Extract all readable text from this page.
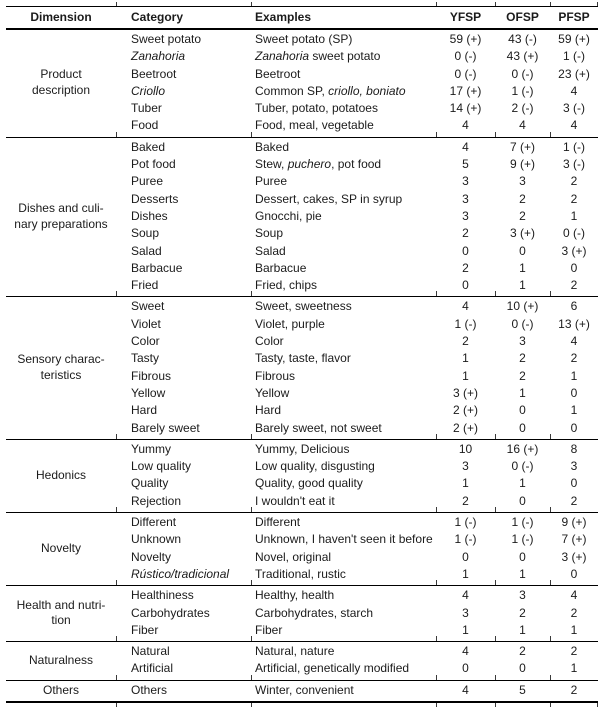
Dimension	Category	Examples	YFSP	OFSP	PFSP
Product
description
Sweet potato	Sweet potato (SP)	59 (+)	43 (-)	59 (+)
Zanahoria	Zanahoria sweet potato	0 (-)	43 (+)	1 (-)
Beetroot	Beetroot	0 (-)	0 (-)	23 (+)
Criollo	Common SP, criollo, boniato	17 (+)	1 (-)	4
Tuber	Tuber, potato, potatoes	14 (+)	2 (-)	3 (-)
Food	Food, meal, vegetable	4	4	4
Dishes and culi-
nary preparations
Baked	Baked	4	7 (+)	1 (-)
Pot food	Stew, puchero, pot food	5	9 (+)	3 (-)
Puree	Puree	3	3	2
Desserts	Dessert, cakes, SP in syrup	3	2	2
Dishes	Gnocchi, pie	3	2	1
Soup	Soup	2	3 (+)	0 (-)
Salad	Salad	0	0	3 (+)
Barbacue	Barbacue	2	1	0
Fried	Fried, chips	0	1	2
Sensory charac-
teristics
Sweet	Sweet, sweetness	4	10 (+)	6
Violet	Violet, purple	1 (-)	0 (-)	13 (+)
Color	Color	2	3	4
Tasty	Tasty, taste, flavor	1	2	2
Fibrous	Fibrous	1	2	1
Yellow	Yellow	3 (+)	1	0
Hard	Hard	2 (+)	0	1
Barely sweet	Barely sweet, not sweet	2 (+)	0	0
Hedonics
Yummy	Yummy, Delicious	10	16 (+)	8
Low quality	Low quality, disgusting	3	0 (-)	3
Quality	Quality, good quality	1	1	0
Rejection	I wouldn't eat it	2	0	2
Novelty
Different	Different	1 (-)	1 (-)	9 (+)
Unknown	Unknown, I haven't seen it before	1 (-)	1 (-)	7 (+)
Novelty	Novel, original	0	0	3 (+)
Rústico/tradicional	Traditional, rustic	1	1	0
Health and nutri-
tion
Healthiness	Healthy, health	4	3	4
Carbohydrates	Carbohydrates, starch	3	2	2
Fiber	Fiber	1	1	1
Naturalness
Natural	Natural, nature	4	2	2
Artificial	Artificial, genetically modified	0	0	1
Others	Others	Winter, convenient	4	5	2
